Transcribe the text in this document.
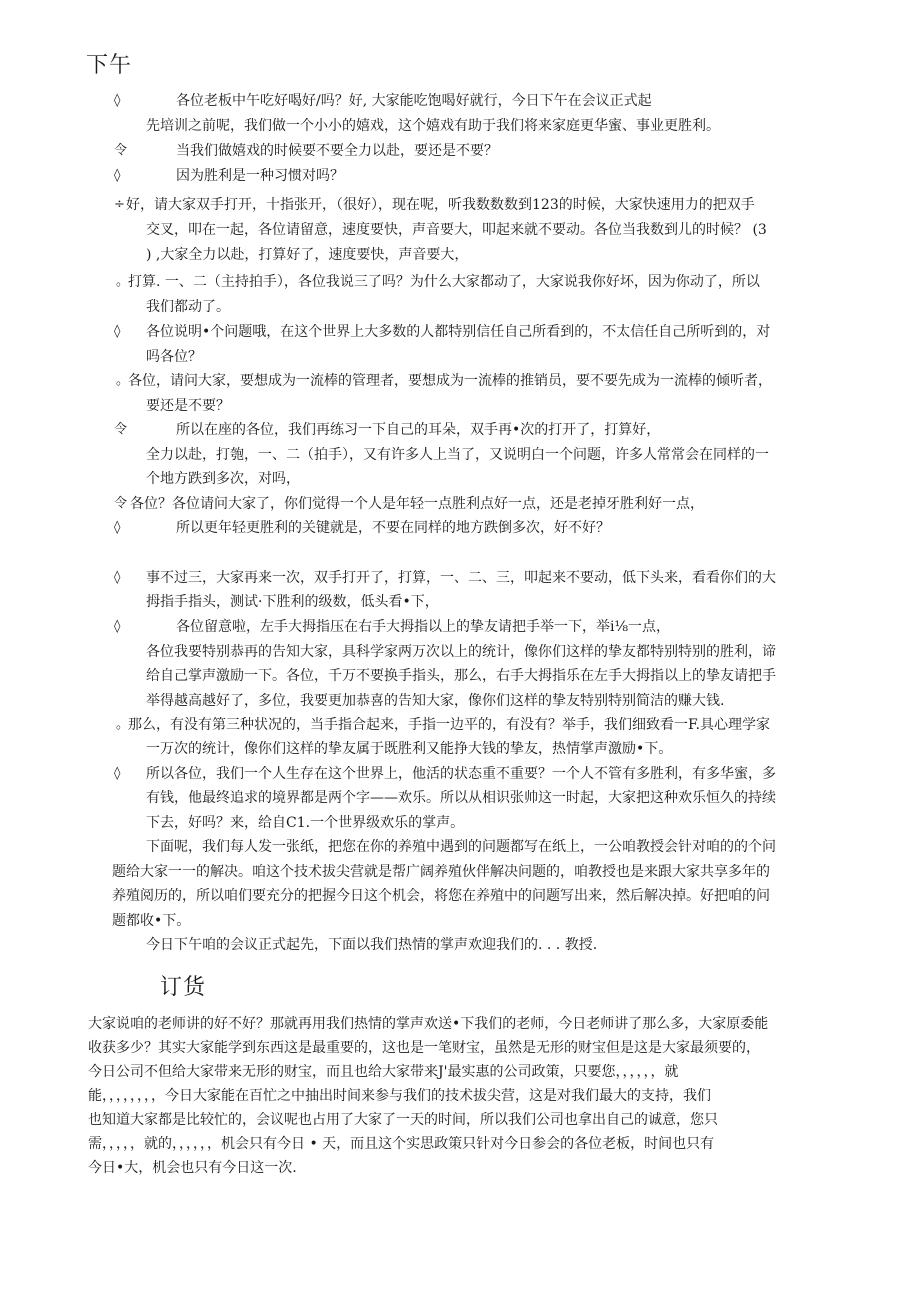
下午
◊	各位老板中午吃好喝好/吗？好, 大家能吃饱喝好就行，今日下午在会议正式起
先培训之前呢，我们做一个小小的嬉戏，这个嬉戏有助于我们将来家庭更华蜜、事业更胜利。
令	当我们做嬉戏的时候要不要全力以赴，要还是不要？
◊	因为胜利是一种习惯对吗？
÷ 好，请大家双手打开，十指张开，（很好），现在呢，听我数数数到123的时候，大家快速用力的把双手
交叉，叩在一起，各位请留意，速度要快，声音要大，叩起来就不要动。各位当我数到儿的时候？ (3
) ,大家全力以赴，打算好了，速度要快，声音要大，
。
打算. 一、二（主持拍手），各位我说三了吗？为什么大家都动了，大家说我你好坏，因为你动了，所以
我们都动了。
◊ 各位说明•个问题哦，在这个世界上大多数的人都特别信任自己所看到的，不太信任自己所听到的，对
吗各位？
。
各位，请问大家，要想成为一流棒的管理者，要想成为一流棒的推销员，要不要先成为一流棒的倾听者，
要还是不要？
令	所以在座的各位，我们再练习一下自己的耳朵，双手再•次的打开了，打算好，
全力以赴，打匏，一、二（拍手），又有许多人上当了，又说明白一个问题，许多人常常会在同样的一
个地方跌到多次，对吗，
令 各位？各位请问大家了，你们觉得一个人是年轻一点胜利点好一点，还是老掉牙胜利好一点，
◊	所以更年轻更胜利的关键就是，不要在同样的地方跌倒多次，好不好？
◊ 事不过三，大家再来一次，双手打开了，打算，一、二、三，叩起来不要动，低下头来，看看你们的大
拇指手指头，测试·下胜利的级数，低头看•下，
◊	各位留意啦，左手大拇指压在右手大拇指以上的挚友请把手举一下，举i⅛一点，
各位我要特别恭再的告知大家，具科学家两万次以上的统计，像你们这样的挚友都特别特别的胜利，谛
给自己掌声激励一下。各位，千万不要换手指头，那么，右手大拇指乐在左手大拇指以上的挚友请把手
举得越高越好了，多位，我要更加恭喜的告知大家，像你们这样的挚友特别特别简洁的赚大钱.
。
那么，有没有第三种状况的，当手指合起来，手指一边平的，有没有？举手，我们细致看一F.具心理学家
一万次的统计，像你们这样的挚友属于既胜利又能挣大钱的挚友，热情掌声激励•下。
◊ 所以各位，我们一个人生存在这个世界上，他活的状态重不重要？一个人不管有多胜利，有多华蜜，多
有钱，他最终追求的境界都是两个字——欢乐。所以从相识张帅这一时起，大家把这种欢乐恒久的持续
下去，好吗？来，给自C1.一个世界级欢乐的掌声。
下面呢，我们每人发一张纸，把您在你的养殖中遇到的问题都写在纸上，一公咱教授会针对咱的的个问
题给大家一一的解决。咱这个技术拔尖营就是帮广阔养殖伙伴解决问题的，咱教授也是来跟大家共享多年的
养殖阅历的，所以咱们要充分的把握今日这个机会，将您在养殖中的问题写出来，然后解决掉。好把咱的问
题都收•下。
今日下午咱的会议正式起先，下面以我们热情的掌声欢迎我们的. . . 教授.
订货
大家说咱的老师讲的好不好？那就再用我们热情的掌声欢送•下我们的老师，今日老师讲了那么多，大家原委能
收获多少？其实大家能学到东西这是最重要的，这也是一笔财宝，虽然是无形的财宝但是这是大家最须要的，
今日公司不但给大家带来无形的财宝，而且也给大家带来J'最实惠的公司政策，只要您，，，，，，就
能，，，，，，，，今日大家能在百忙之中抽出时间来参与我们的技术拔尖营，这是对我们最大的支持，我们
也知道大家都是比较忙的，会议呢也占用了大家了一天的时间，所以我们公司也拿出自己的诚意，您只
需，，，，，就的，，，，，，机会只有今日 • 天，而且这个实思政策只针对今日参会的各位老板，时间也只有
今日•大，机会也只有今日这一次.
